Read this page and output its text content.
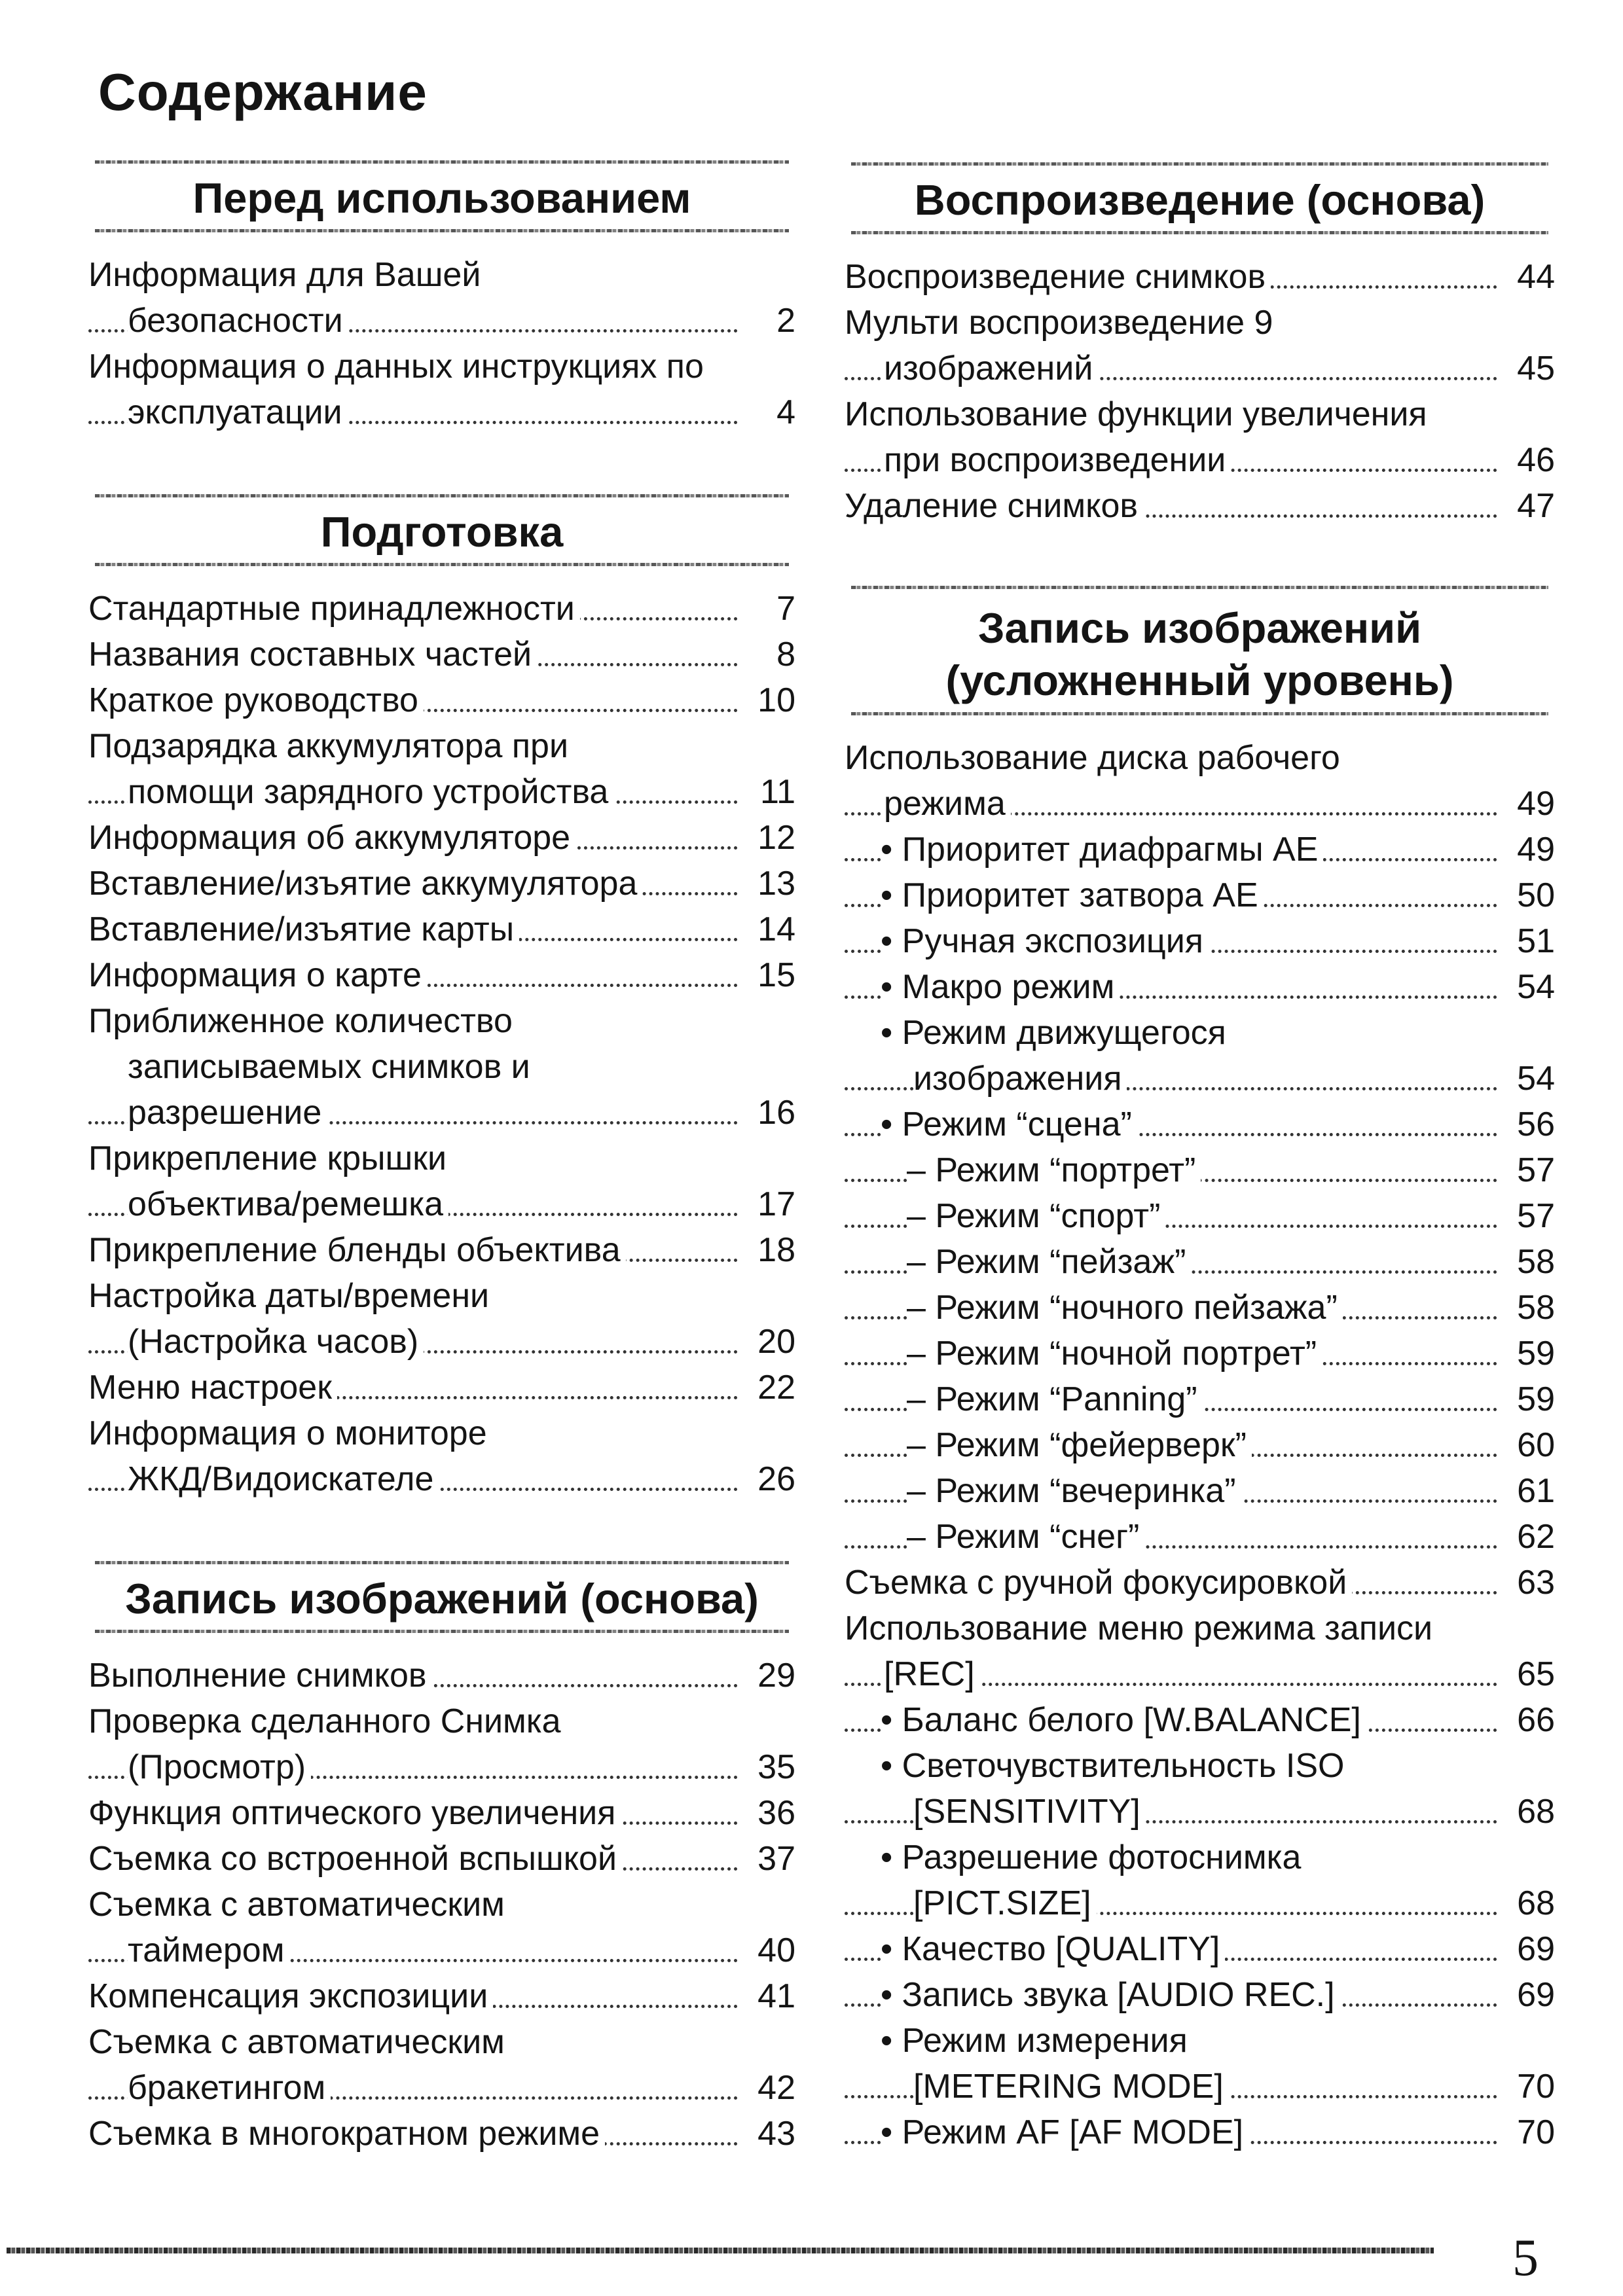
Содержание
Перед использованием
Информация для Вашей
безопасности	2
Информация о данных инструкциях по
эксплуатации	4
Подготовка
Стандартные принадлежности	7
Названия составных частей	8
Краткое руководство	10
Подзарядка аккумулятора при
помощи зарядного устройства	11
Информация об аккумуляторе	12
Вставление/изъятие аккумулятора	13
Вставление/изъятие карты	14
Информация о карте	15
Приближенное количество
записываемых снимков и
разрешение	16
Прикрепление крышки
объектива/ремешка	17
Прикрепление бленды объектива	18
Настройка даты/времени
(Настройка часов)	20
Меню настроек	22
Информация о мониторе
ЖКД/Видоискателе	26
Запись изображений (основа)
Выполнение снимков	29
Проверка сделанного Снимка
(Просмотр)	35
Функция оптического увеличения	36
Съемка со встроенной вспышкой	37
Съемка с автоматическим
таймером	40
Компенсация экспозиции	41
Съемка с автоматическим
бракетингом	42
Съемка в многократном режиме	43
Воспроизведение (основа)
Воспроизведение снимков	44
Мульти воспроизведение 9
изображений	45
Использование функции увеличения
при воспроизведении	46
Удаление снимков	47
Запись изображений
(усложненный уровень)
Использование диска рабочего
режима	49
• Приоритет диафрагмы AE	49
• Приоритет затвора AE	50
• Ручная экспозиция	51
• Макро режим	54
• Режим движущегося
изображения	54
• Режим “сцена”	56
– Режим “портрет”	57
– Режим “спорт”	57
– Режим “пейзаж”	58
– Режим “ночного пейзажа”	58
– Режим “ночной портрет”	59
– Режим “Panning”	59
– Режим “фейерверк”	60
– Режим “вечеринка”	61
– Режим “снег”	62
Съемка с ручной фокусировкой	63
Использование меню режима записи
[REC]	65
• Баланс белого [W.BALANCE]	66
• Светочувствительность ISO
[SENSITIVITY]	68
• Разрешение фотоснимка
[PICT.SIZE]	68
• Качество [QUALITY]	69
• Запись звука [AUDIO REC.]	69
• Режим измерения
[METERING MODE]	70
• Режим AF [AF MODE]	70
5
